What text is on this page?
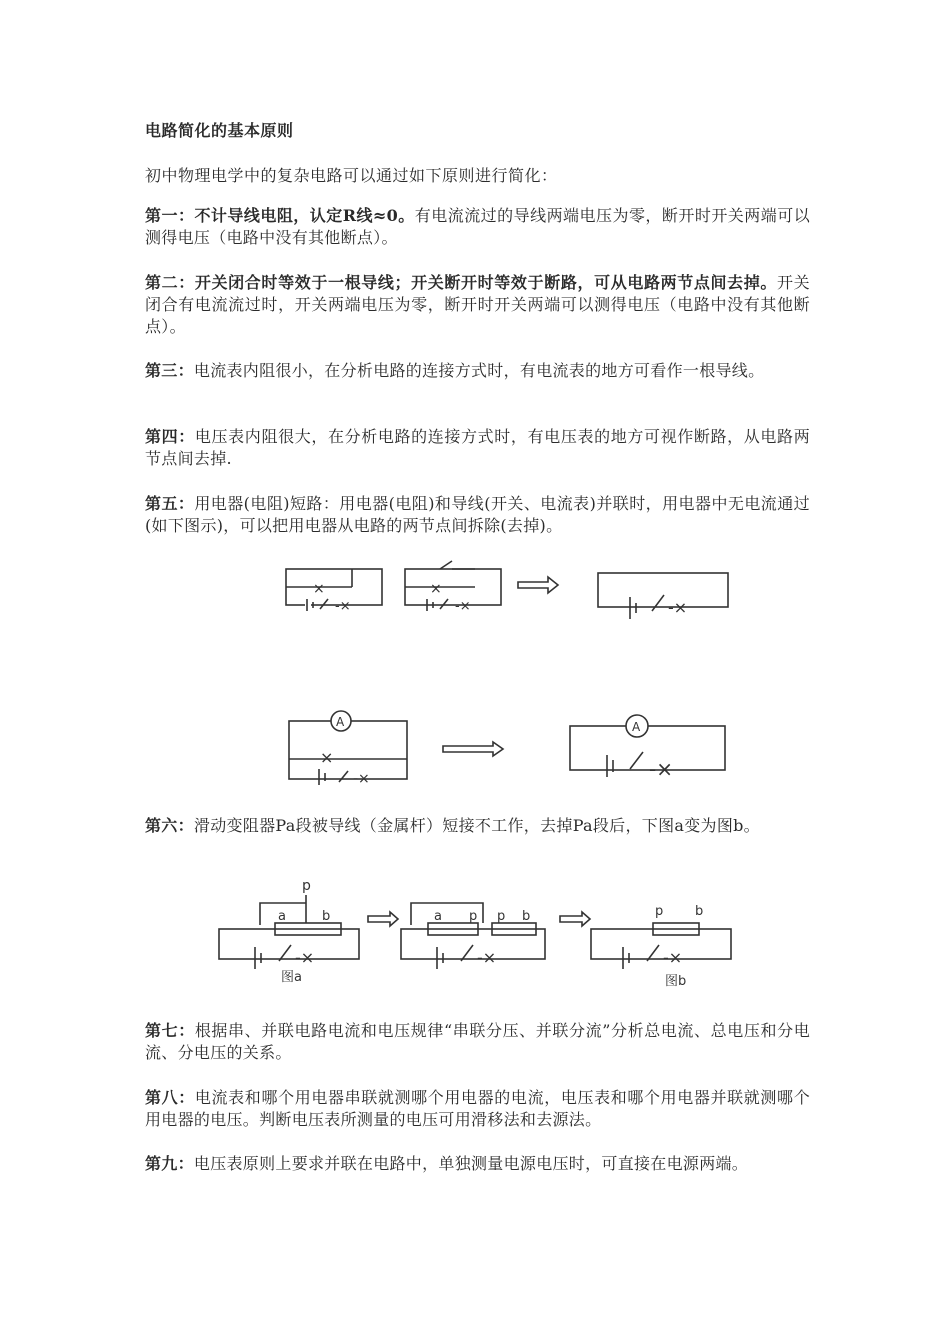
电路简化的基本原则
初中物理电学中的复杂电路可以通过如下原则进行简化：
第一：不计导线电阻，认定R线≈0。有电流流过的导线两端电压为零，断开时开关两端可以测得电压（电路中没有其他断点）。
第二：开关闭合时等效于一根导线；开关断开时等效于断路，可从电路两节点间去掉。开关闭合有电流流过时，开关两端电压为零，断开时开关两端可以测得电压（电路中没有其他断点）。
第三：电流表内阻很小，在分析电路的连接方式时，有电流表的地方可看作一根导线。
第四：电压表内阻很大，在分析电路的连接方式时，有电压表的地方可视作断路，从电路两节点间去掉.
第五：用电器(电阻)短路：用电器(电阻)和导线(开关、电流表)并联时，用电器中无电流通过(如下图示)，可以把用电器从电路的两节点间拆除(去掉)。
×
-×
×
-×	-×
A
×
-×
A
-×
第六：滑动变阻器Pa段被导线（金属杆）短接不工作，去掉Pa段后，下图a变为图b。
p
a	b
-×
图a
a p p b
-×
p b
-×
图b
第七：根据串、并联电路电流和电压规律“串联分压、并联分流”分析总电流、总电压和分电流、分电压的关系。
第八：电流表和哪个用电器串联就测哪个用电器的电流，电压表和哪个用电器并联就测哪个用电器的电压。判断电压表所测量的电压可用滑移法和去源法。
第九：电压表原则上要求并联在电路中，单独测量电源电压时，可直接在电源两端。
